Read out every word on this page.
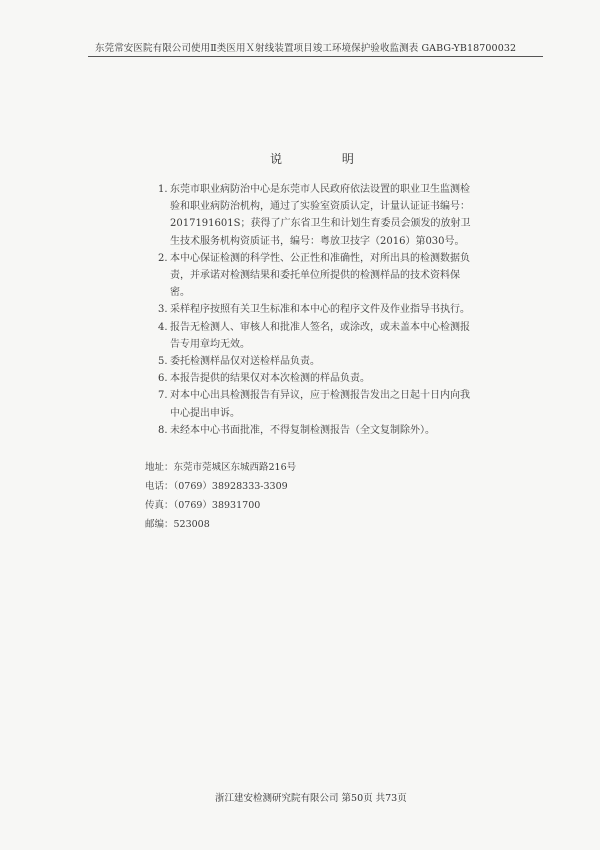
东莞常安医院有限公司使用Ⅱ类医用Ｘ射线装置项目竣工环境保护验收监测表 GABG-YB18700032
说 明
1. 东莞市职业病防治中心是东莞市人民政府依法设置的职业卫生监测检验和职业病防治机构，通过了实验室资质认定，计量认证证书编号：2017191601S；获得了广东省卫生和计划生育委员会颁发的放射卫生技术服务机构资质证书，编号：粤放卫技字（2016）第030号。
2. 本中心保证检测的科学性、公正性和准确性，对所出具的检测数据负责，并承诺对检测结果和委托单位所提供的检测样品的技术资料保密。
3. 采样程序按照有关卫生标准和本中心的程序文件及作业指导书执行。
4. 报告无检测人、审核人和批准人签名，或涂改，或未盖本中心检测报告专用章均无效。
5. 委托检测样品仅对送检样品负责。
6. 本报告提供的结果仅对本次检测的样品负责。
7. 对本中心出具检测报告有异议，应于检测报告发出之日起十日内向我中心提出申诉。
8. 未经本中心书面批准，不得复制检测报告（全文复制除外）。
地址：东莞市莞城区东城西路216号
电话：（0769）38928333-3309
传真：（0769）38931700
邮编：523008
浙江建安检测研究院有限公司 第50页 共73页
